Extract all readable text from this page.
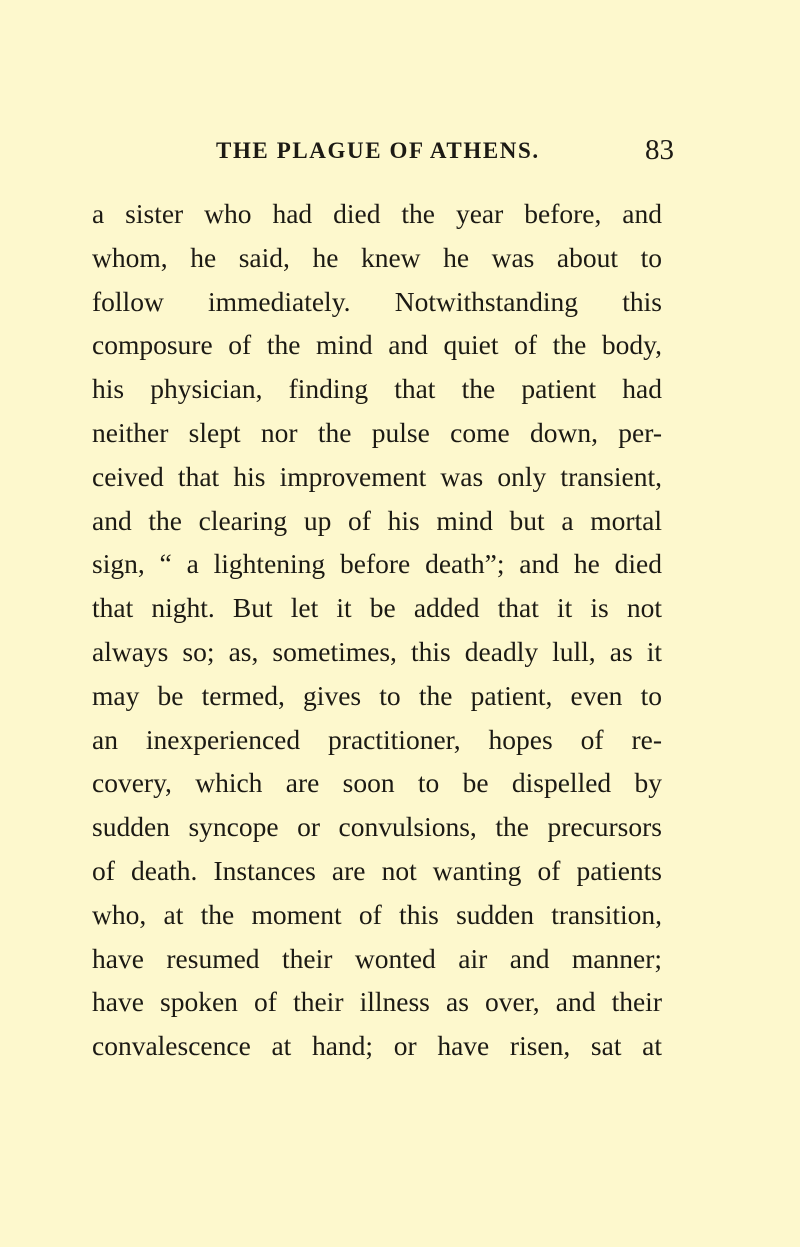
THE PLAGUE OF ATHENS.	83
a sister who had died the year before, and
whom, he said, he knew he was about to
follow immediately. Notwithstanding this
composure of the mind and quiet of the body,
his physician, finding that the patient had
neither slept nor the pulse come down, per-
ceived that his improvement was only transient,
and the clearing up of his mind but a mortal
sign, “ a lightening before death”; and he died
that night. But let it be added that it is not
always so; as, sometimes, this deadly lull, as it
may be termed, gives to the patient, even to
an inexperienced practitioner, hopes of re-
covery, which are soon to be dispelled by
sudden syncope or convulsions, the precursors
of death. Instances are not wanting of patients
who, at the moment of this sudden transition,
have resumed their wonted air and manner;
have spoken of their illness as over, and their
convalescence at hand; or have risen, sat at
